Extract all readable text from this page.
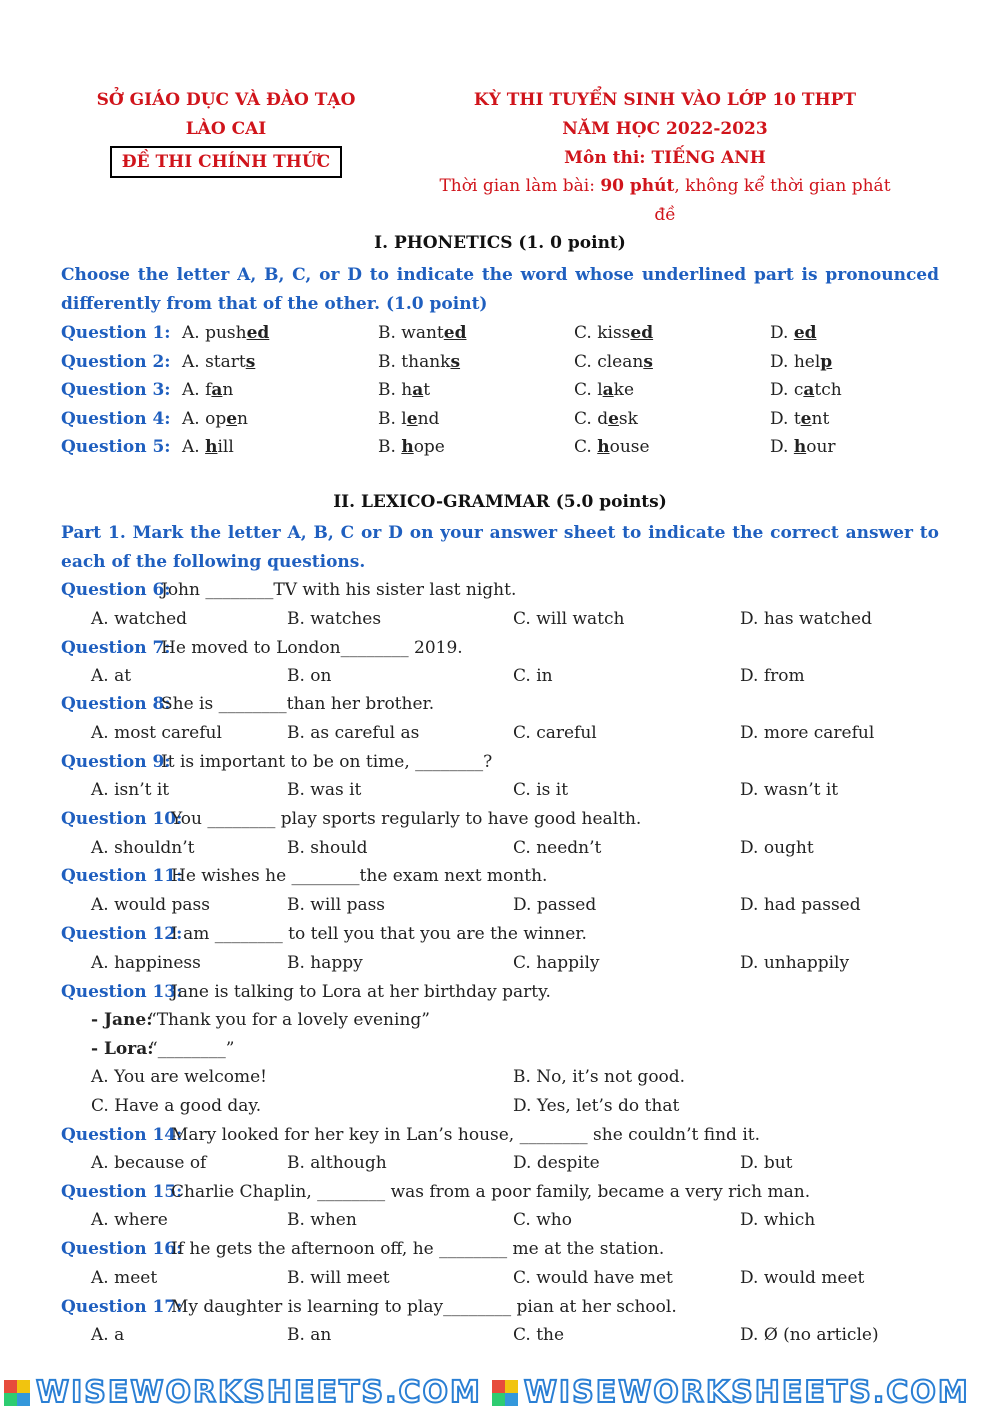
SỞ GIÁO DỤC VÀ ĐÀO TẠO
LÀO CAI
ĐỀ THI CHÍNH THỨC
KỲ THI TUYỂN SINH VÀO LỚP 10 THPT
NĂM HỌC 2022-2023
Môn thi: TIẾNG ANH
Thời gian làm bài: 90 phút, không kể thời gian phát đề
I. PHONETICS (1. 0 point)
Choose the letter A, B, C, or D to indicate the word whose underlined part is pronounced differently from that of the other. (1.0 point)
Question 1: A. pushed	B. wanted	C. kissed	D. ed
Question 2: A. starts	B. thanks	C. cleans	D. help
Question 3: A. fan	B. hat	C. lake	D. catch
Question 4: A. open	B. lend	C. desk	D. tent
Question 5: A. hill	B. hope	C. house	D. hour
II. LEXICO-GRAMMAR (5.0 points)
Part 1. Mark the letter A, B, C or D on your answer sheet to indicate the correct answer to each of the following questions.
Question 6:
John ________TV with his sister last night.
A. watched	B. watches	C. will watch	D. has watched
Question 7:
He moved to London________ 2019.
A. at	B. on	C. in	D. from
Question 8:
She is ________than her brother.
A. most careful	B. as careful as	C. careful	D. more careful
Question 9:
It is important to be on time, ________?
A. isn’t it	B. was it	C. is it	D. wasn’t it
Question 10:
You ________ play sports regularly to have good health.
A. shouldn’t	B. should	C. needn’t	D. ought
Question 11:
He wishes he ________the exam next month.
A. would pass	B. will pass	D. passed	D. had passed
Question 12:
I am ________ to tell you that you are the winner.
A. happiness	B. happy	C. happily	D. unhappily
Question 13:
Jane is talking to Lora at her birthday party.
- Jane:
“Thank you for a lovely evening”
- Lora:
“________”
A. You are welcome!	B. No, it’s not good.
C. Have a good day.	D. Yes, let’s do that
Question 14:
Mary looked for her key in Lan’s house, ________ she couldn’t find it.
A. because of	B. although	D. despite	D. but
Question 15:
Charlie Chaplin, ________ was from a poor family, became a very rich man.
A. where	B. when	C. who	D. which
Question 16:
If he gets the afternoon off, he ________ me at the station.
A. meet	B. will meet	C. would have met	D. would meet
Question 17:
My daughter is learning to play________ pian at her school.
A. a	B. an	C. the	D. Ø (no article)
WISEWORKSHEETS.COM WISEWORKSHEETS.COM
